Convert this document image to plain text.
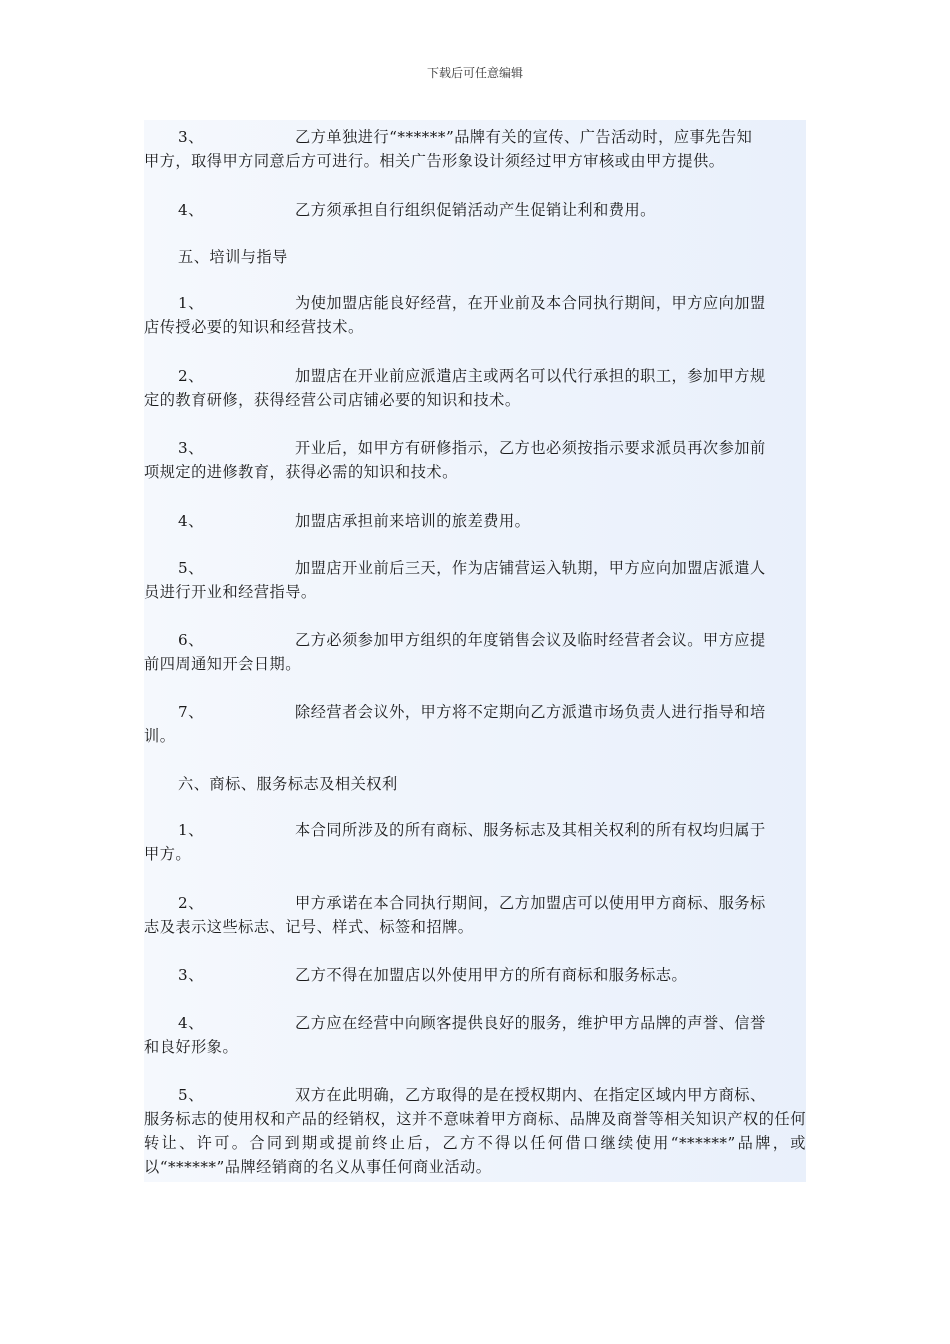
下载后可任意编辑
3、	乙方单独进行“******”品牌有关的宣传、广告活动时，应事先告知
甲方，取得甲方同意后方可进行。相关广告形象设计须经过甲方审核或由甲方提供。
4、	乙方须承担自行组织促销活动产生促销让利和费用。
五、培训与指导
1、	为使加盟店能良好经营，在开业前及本合同执行期间，甲方应向加盟
店传授必要的知识和经营技术。
2、	加盟店在开业前应派遣店主或两名可以代行承担的职工，参加甲方规
定的教育研修，获得经营公司店铺必要的知识和技术。
3、	开业后，如甲方有研修指示，乙方也必须按指示要求派员再次参加前
项规定的进修教育，获得必需的知识和技术。
4、	加盟店承担前来培训的旅差费用。
5、	加盟店开业前后三天，作为店铺营运入轨期，甲方应向加盟店派遣人
员进行开业和经营指导。
6、	乙方必须参加甲方组织的年度销售会议及临时经营者会议。甲方应提
前四周通知开会日期。
7、	除经营者会议外，甲方将不定期向乙方派遣市场负责人进行指导和培
训。
六、商标、服务标志及相关权利
1、	本合同所涉及的所有商标、服务标志及其相关权利的所有权均归属于
甲方。
2、	甲方承诺在本合同执行期间，乙方加盟店可以使用甲方商标、服务标
志及表示这些标志、记号、样式、标签和招牌。
3、	乙方不得在加盟店以外使用甲方的所有商标和服务标志。
4、	乙方应在经营中向顾客提供良好的服务，维护甲方品牌的声誉、信誉
和良好形象。
5、	双方在此明确，乙方取得的是在授权期内、在指定区域内甲方商标、
服务标志的使用权和产品的经销权，这并不意味着甲方商标、品牌及商誉等相关知识产权的任何转让、许可。合同到期或提前终止后，乙方不得以任何借口继续使用“******”品牌，或以“******”品牌经销商的名义从事任何商业活动。
